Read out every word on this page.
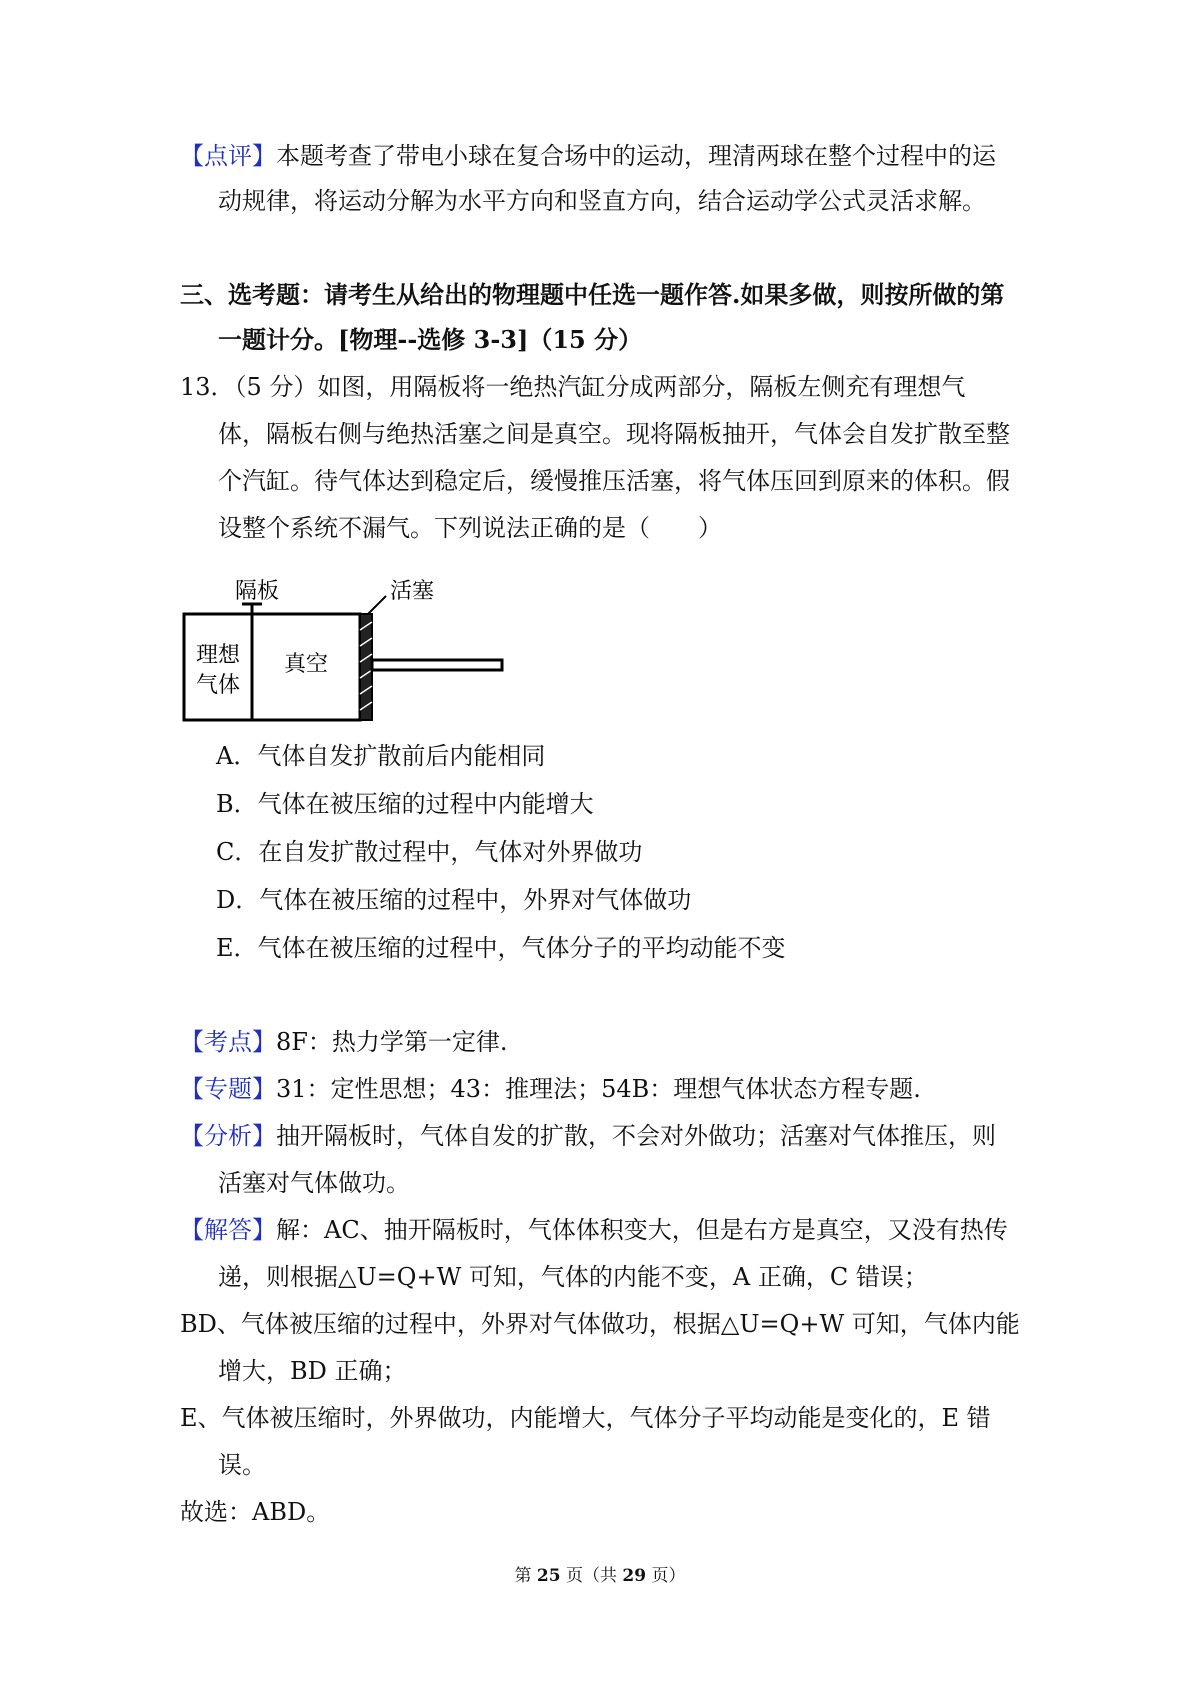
【点评】本题考查了带电小球在复合场中的运动，理清两球在整个过程中的运
动规律，将运动分解为水平方向和竖直方向，结合运动学公式灵活求解。
三、选考题：请考生从给出的物理题中任选一题作答.如果多做，则按所做的第
一题计分。[物理--选修 3-3]（15 分）
13．（5 分）如图，用隔板将一绝热汽缸分成两部分，隔板左侧充有理想气
体，隔板右侧与绝热活塞之间是真空。现将隔板抽开，气体会自发扩散至整
个汽缸。待气体达到稳定后，缓慢推压活塞，将气体压回到原来的体积。假
设整个系统不漏气。下列说法正确的是（　　）
隔板	活塞
理想
气体
真空
A．气体自发扩散前后内能相同
B．气体在被压缩的过程中内能增大
C．在自发扩散过程中，气体对外界做功
D．气体在被压缩的过程中，外界对气体做功
E．气体在被压缩的过程中，气体分子的平均动能不变
【考点】8F：热力学第一定律.
【专题】31：定性思想；43：推理法；54B：理想气体状态方程专题.
【分析】抽开隔板时，气体自发的扩散，不会对外做功；活塞对气体推压，则
活塞对气体做功。
【解答】解：AC、抽开隔板时，气体体积变大，但是右方是真空，又没有热传
递，则根据△U=Q+W 可知，气体的内能不变，A 正确，C 错误；
BD、气体被压缩的过程中，外界对气体做功，根据△U=Q+W 可知，气体内能
增大，BD 正确；
E、气体被压缩时，外界做功，内能增大，气体分子平均动能是变化的，E 错
误。
故选：ABD。
第 25 页（共 29 页）
